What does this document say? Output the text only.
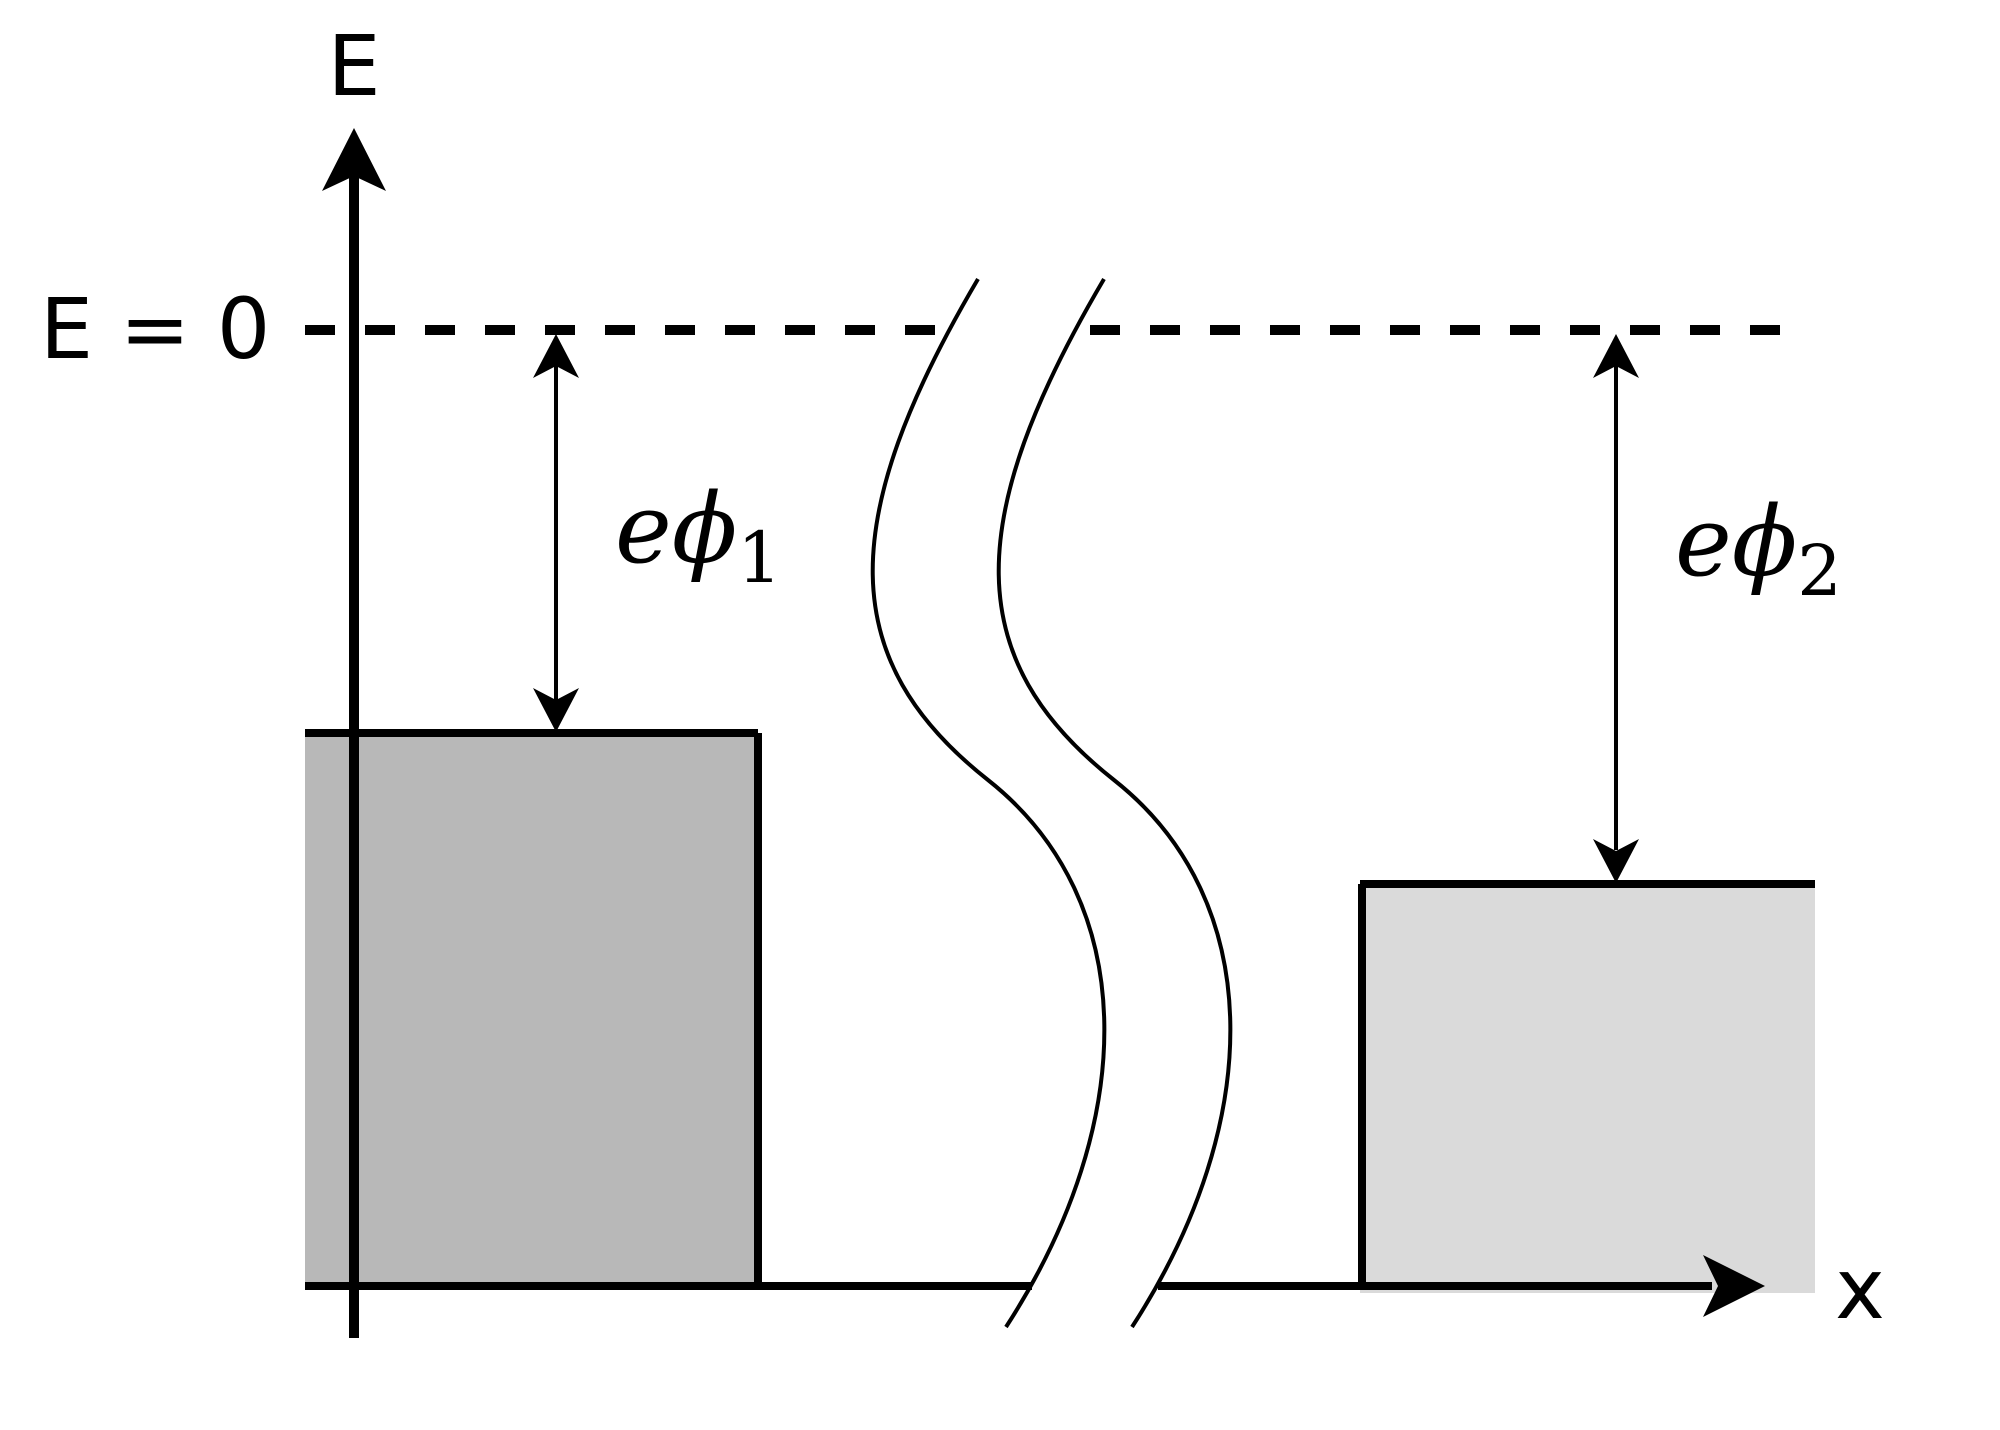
E
E = 0
x
$e\phi_1$	$e\phi_2$
